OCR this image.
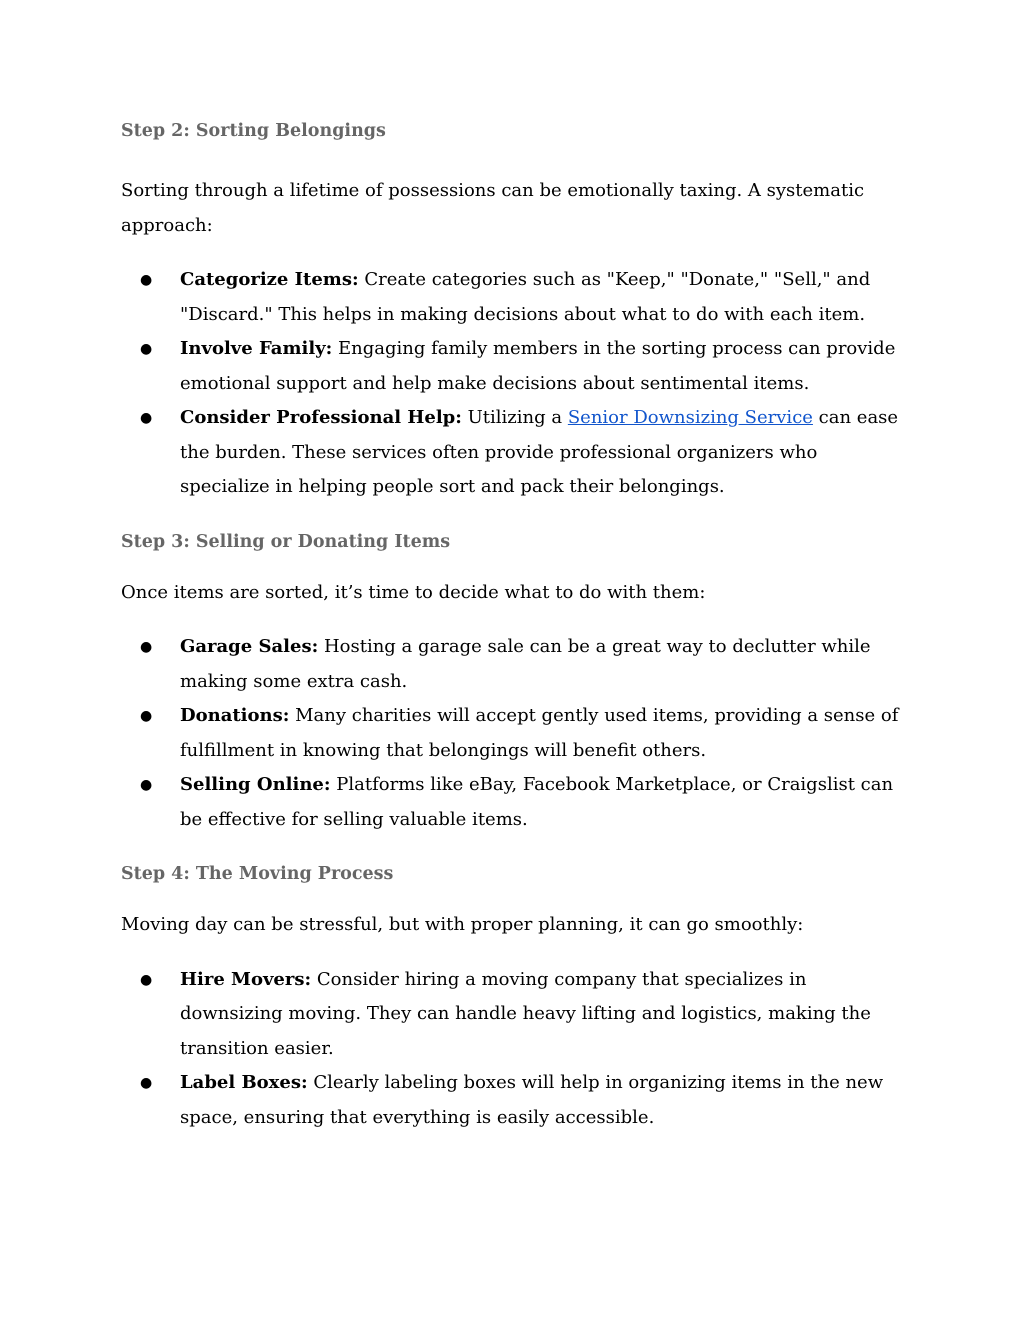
Step 2: Sorting Belongings

Sorting through a lifetime of possessions can be emotionally taxing. A systematic approach:

● Categorize Items: Create categories such as "Keep," "Donate," "Sell," and "Discard." This helps in making decisions about what to do with each item.
● Involve Family: Engaging family members in the sorting process can provide emotional support and help make decisions about sentimental items.
● Consider Professional Help: Utilizing a Senior Downsizing Service can ease the burden. These services often provide professional organizers who specialize in helping people sort and pack their belongings.
Step 3: Selling or Donating Items

Once items are sorted, it’s time to decide what to do with them:

● Garage Sales: Hosting a garage sale can be a great way to declutter while making some extra cash.
● Donations: Many charities will accept gently used items, providing a sense of fulfillment in knowing that belongings will benefit others.
● Selling Online: Platforms like eBay, Facebook Marketplace, or Craigslist can be effective for selling valuable items.
Step 4: The Moving Process

Moving day can be stressful, but with proper planning, it can go smoothly:

● Hire Movers: Consider hiring a moving company that specializes in downsizing moving. They can handle heavy lifting and logistics, making the transition easier.
● Label Boxes: Clearly labeling boxes will help in organizing items in the new space, ensuring that everything is easily accessible.
